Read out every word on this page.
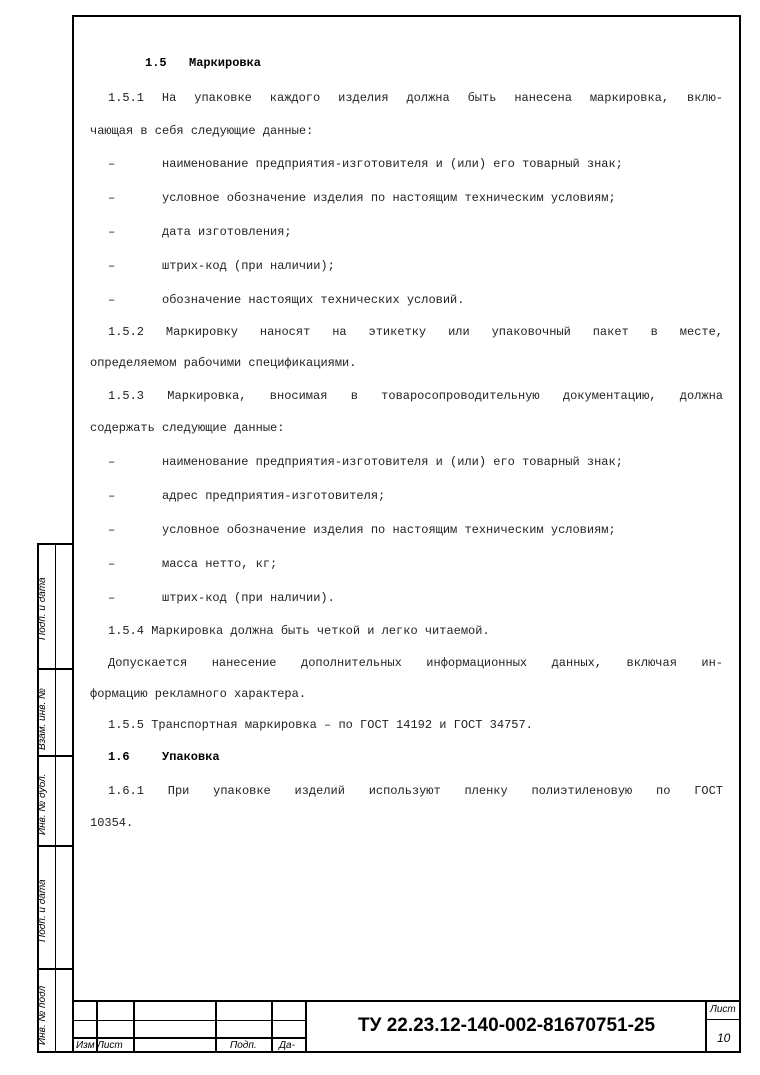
1.5 Маркировка
1.5.1 На упаковке каждого изделия должна быть нанесена маркировка, вклю-
чающая в себя следующие данные:
–	наименование предприятия-изготовителя и (или) его товарный знак;
–	условное обозначение изделия по настоящим техническим условиям;
–	дата изготовления;
–	штрих-код (при наличии);
–	обозначение настоящих технических условий.
1.5.2 Маркировку наносят на этикетку или упаковочный пакет в месте,
определяемом рабочими спецификациями.
1.5.3 Маркировка, вносимая в товаросопроводительную документацию, должна
содержать следующие данные:
–	наименование предприятия-изготовителя и (или) его товарный знак;
–	адрес предприятия-изготовителя;
–	условное обозначение изделия по настоящим техническим условиям;
–	масса нетто, кг;
–	штрих-код (при наличии).
1.5.4 Маркировка должна быть четкой и легко читаемой.
Допускается нанесение дополнительных информационных данных, включая ин-
формацию рекламного характера.
1.5.5 Транспортная маркировка – по ГОСТ 14192 и ГОСТ 34757.
1.6	Упаковка
1.6.1 При упаковке изделий используют пленку полиэтиленовую по ГОСТ
10354.
Подп. и дата
Взам. инв. №
Инв. № дубл.
Подп. и дата
Инв. № подл
Изм Лист	Подп. Да-
ТУ 22.23.12-140-002-81670751-25
Лист
10
